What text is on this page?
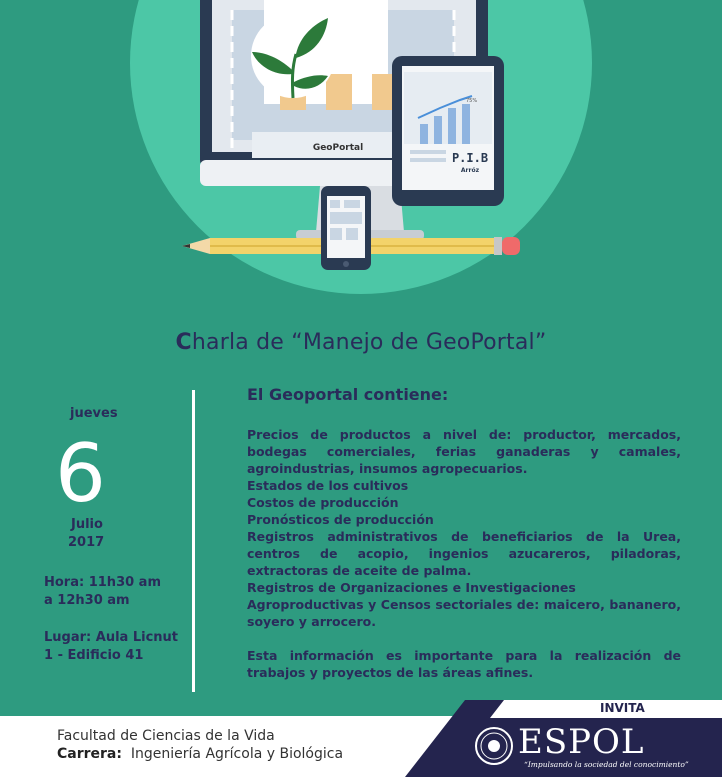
GeoPortal
75%
P.I.B
Arróz
Charla de “Manejo de GeoPortal”
jueves
6
Julio
2017
Hora: 11h30 am
a 12h30 am
Lugar: Aula Licnut
1 - Edificio 41
El Geoportal contiene:

Precios de productos a nivel de: productor, mercados, bodegas comerciales, ferias ganaderas y camales, agroindustrias, insumos agropecuarios.

Estados de los cultivos

Costos de producción

Pronósticos de producción

Registros administrativos de beneficiarios de la Urea, centros de acopio, ingenios azucareros, piladoras, extractoras de aceite de palma.

Registros de Organizaciones e Investigaciones

Agroproductivas y Censos sectoriales de: maicero, bananero, soyero y arrocero.

Esta información es importante para la realización de trabajos y proyectos de las áreas afines.

Facultad de Ciencias de la Vida
Carrera: Ingeniería Agrícola y Biológica
INVITA
ESPOL
“Impulsando la sociedad del conocimiento”
